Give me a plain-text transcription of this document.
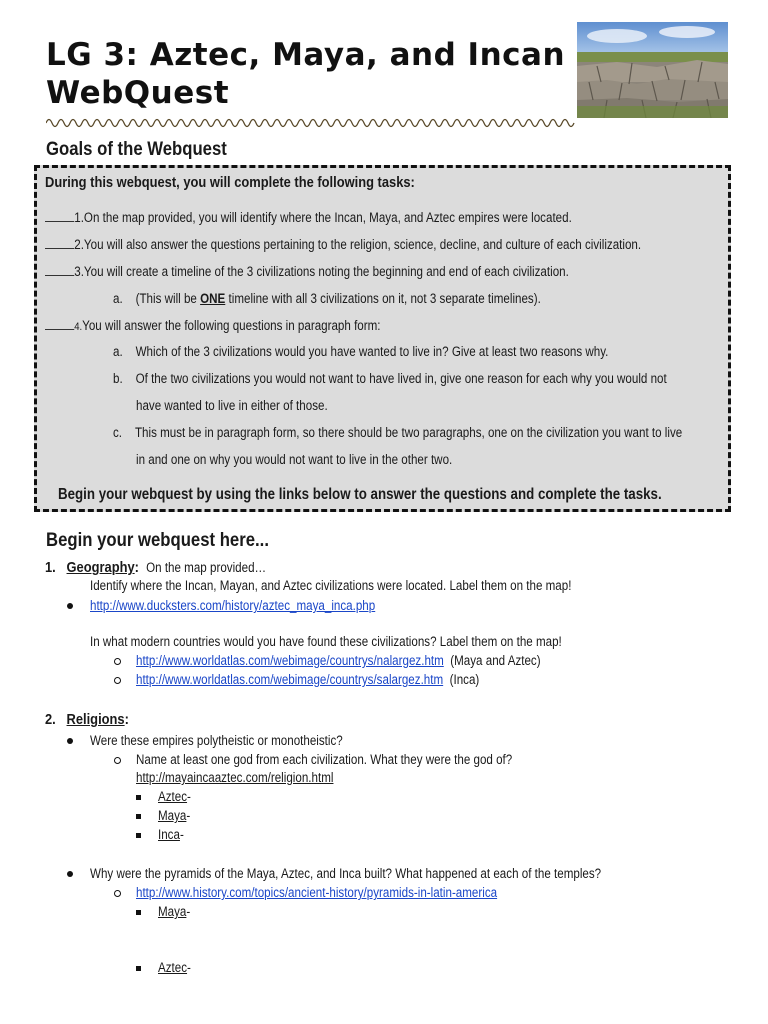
LG 3: Aztec, Maya, and Incan
WebQuest
Goals of the Webquest
During this webquest, you will complete the following tasks:
1.On the map provided, you will identify where the Incan, Maya, and Aztec empires were located.
2.You will also answer the questions pertaining to the religion, science, decline, and culture of each civilization.
3.You will create a timeline of the 3 civilizations noting the beginning and end of each civilization.
a. (This will be ONE timeline with all 3 civilizations on it, not 3 separate timelines).
4.You will answer the following questions in paragraph form:
a. Which of the 3 civilizations would you have wanted to live in? Give at least two reasons why.
b. Of the two civilizations you would not want to have lived in, give one reason for each why you would not
have wanted to live in either of those.
c. This must be in paragraph form, so there should be two paragraphs, one on the civilization you want to live
in and one on why you would not want to live in the other two.
Begin your webquest by using the links below to answer the questions and complete the tasks.
Begin your webquest here...
1. Geography: On the map provided…
Identify where the Incan, Mayan, and Aztec civilizations were located. Label them on the map!
http://www.ducksters.com/history/aztec_maya_inca.php
In what modern countries would you have found these civilizations? Label them on the map!
http://www.worldatlas.com/webimage/countrys/nalargez.htm (Maya and Aztec)
http://www.worldatlas.com/webimage/countrys/salargez.htm (Inca)
2. Religions:
Were these empires polytheistic or monotheistic?
Name at least one god from each civilization. What they were the god of?
http://mayaincaaztec.com/religion.html
Aztec-
Maya-
Inca-
Why were the pyramids of the Maya, Aztec, and Inca built? What happened at each of the temples?
http://www.history.com/topics/ancient-history/pyramids-in-latin-america
Maya-
Aztec-
